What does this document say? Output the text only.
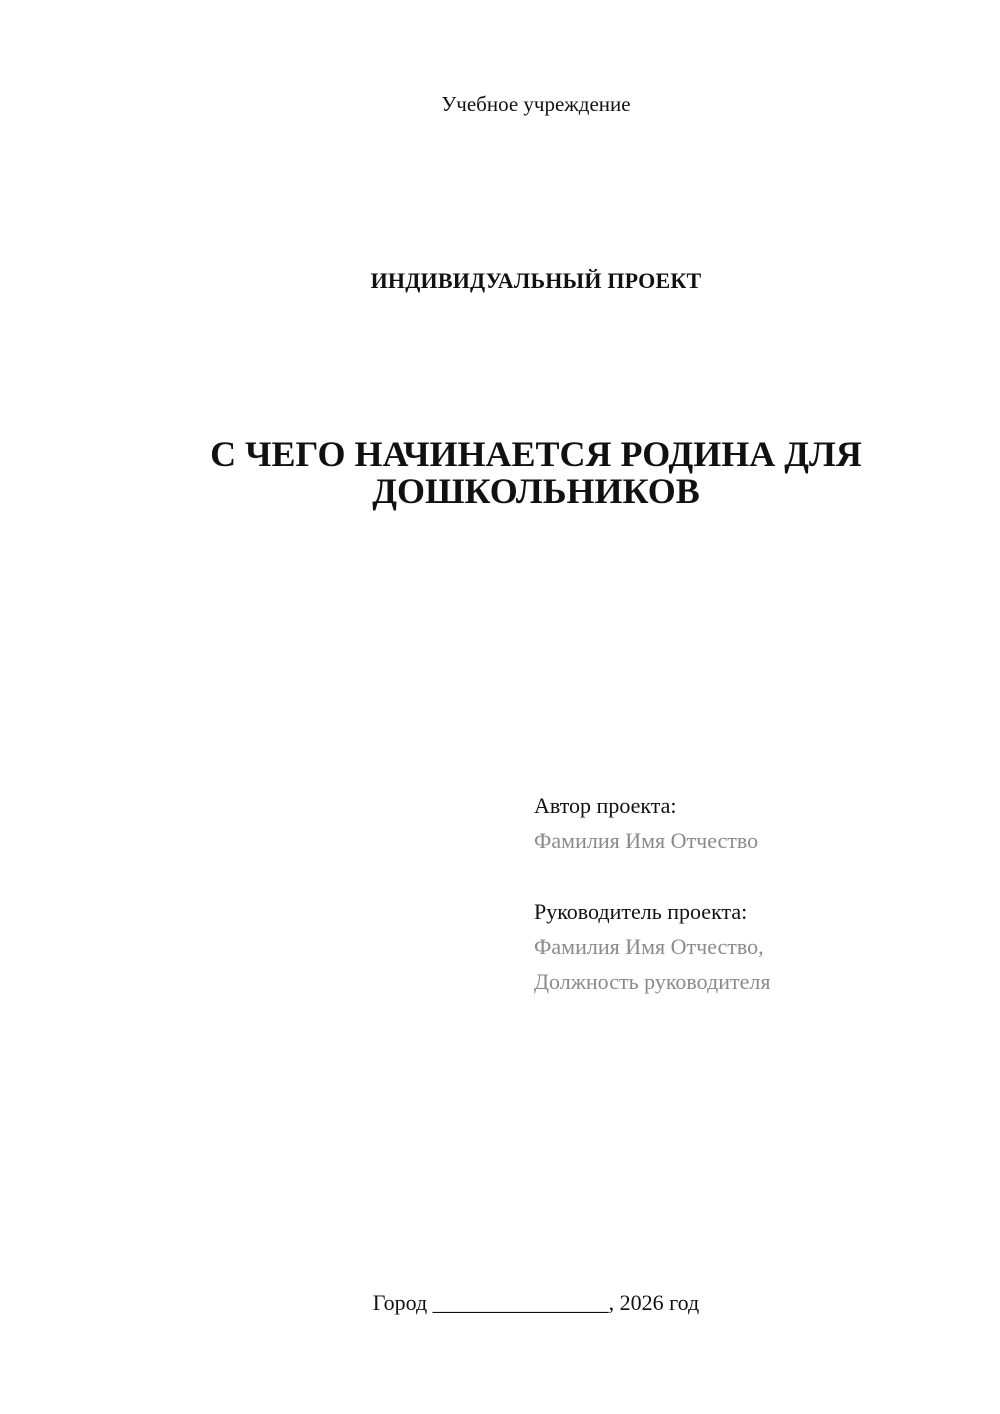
Учебное учреждение
ИНДИВИДУАЛЬНЫЙ ПРОЕКТ
С ЧЕГО НАЧИНАЕТСЯ РОДИНА ДЛЯ
ДОШКОЛЬНИКОВ
Автор проекта:
Фамилия Имя Отчество
Руководитель проекта:
Фамилия Имя Отчество,
Должность руководителя
Город ________________, 2026 год
